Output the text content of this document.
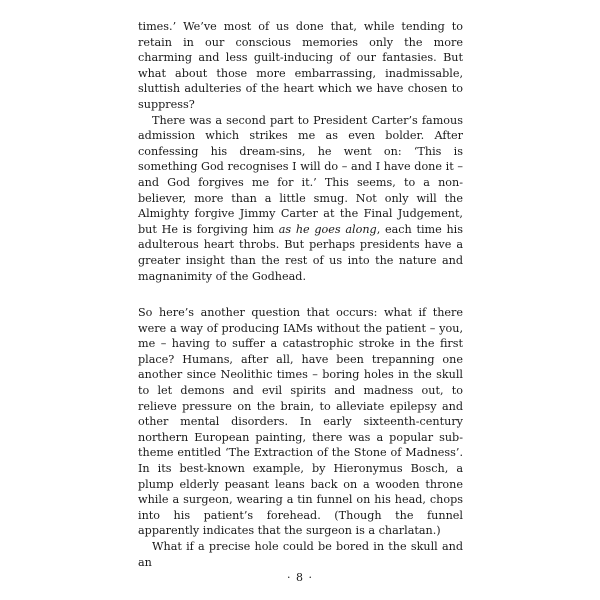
times.’ We’ve most of us done that, while tending to retain in our conscious memories only the more charming and less guilt-inducing of our fantasies. But what about those more embarrassing, inadmissable, sluttish adulteries of the heart which we have chosen to suppress?

There was a second part to President Carter’s famous admission which strikes me as even bolder. After confessing his dream-sins, he went on: ‘This is something God recognises I will do – and I have done it – and God forgives me for it.’ This seems, to a non-believer, more than a little smug. Not only will the Almighty forgive Jimmy Carter at the Final Judgement, but He is forgiving him as he goes along, each time his adulterous heart throbs. But perhaps presidents have a greater insight than the rest of us into the nature and magnanimity of the Godhead.

So here’s another question that occurs: what if there were a way of producing IAMs without the patient – you, me – having to suffer a catastrophic stroke in the first place? Humans, after all, have been trepanning one another since Neolithic times – boring holes in the skull to let demons and evil spirits and madness out, to relieve pressure on the brain, to alleviate epilepsy and other mental disorders. In early sixteenth-century northern European painting, there was a popular sub-theme entitled ‘The Extraction of the Stone of Madness’. In its best-known example, by Hieronymus Bosch, a plump elderly peasant leans back on a wooden throne while a surgeon, wearing a tin funnel on his head, chops into his patient’s forehead. (Though the funnel apparently indicates that the surgeon is a charlatan.)

What if a precise hole could be bored in the skull and an

· 8 ·
